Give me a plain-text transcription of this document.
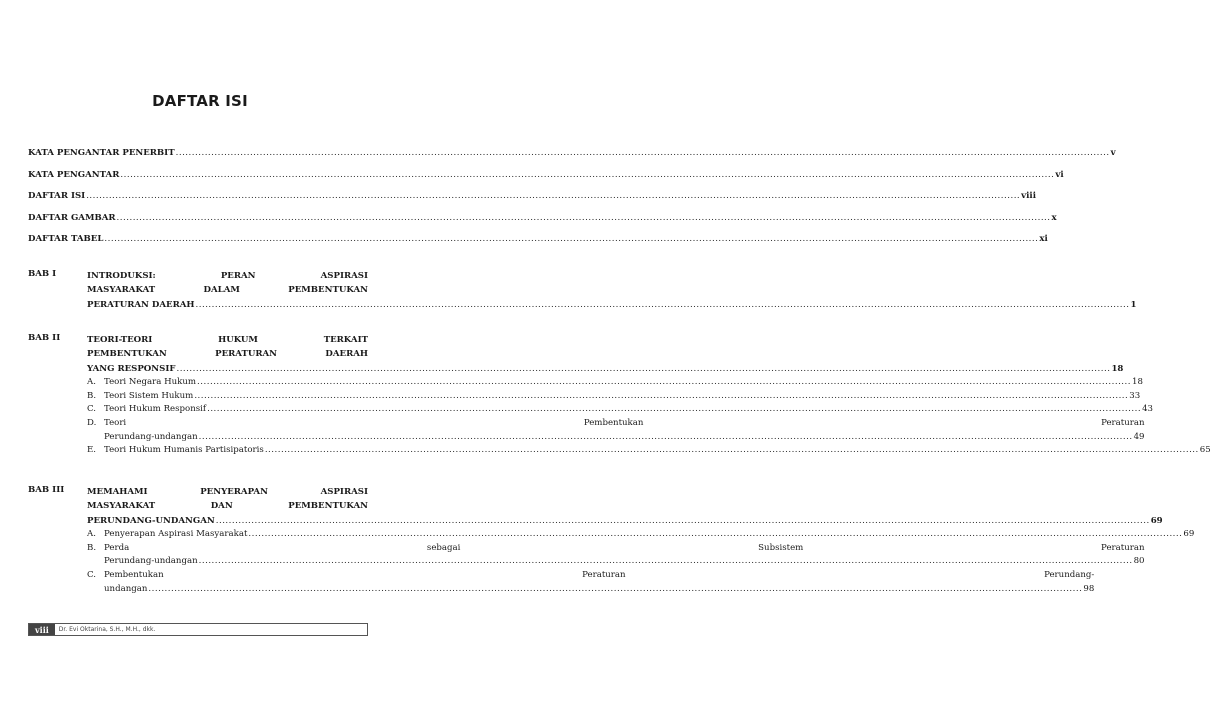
DAFTAR ISI
KATA PENGANTAR PENERBIT .....	v
KATA PENGANTAR .....	vi
DAFTAR ISI .....	viii
DAFTAR GAMBAR .....	x
DAFTAR TABEL .....	xi
BAB I	INTRODUKSI: PERAN ASPIRASI
MASYARAKAT DALAM PEMBENTUKAN
PERATURAN DAERAH .....	1
BAB II	TEORI-TEORI HUKUM TERKAIT
PEMBENTUKAN PERATURAN DAERAH
YANG RESPONSIF .....	18
A. Teori Negara Hukum .....	18
B. Teori Sistem Hukum .....	33
C. Teori Hukum Responsif .....	43
D. Teori Pembentukan Peraturan
Perundang-undangan .....	49
E. Teori Hukum Humanis Partisipatoris .....	65
BAB III	MEMAHAMI PENYERAPAN ASPIRASI
MASYARAKAT DAN PEMBENTUKAN
PERUNDANG-UNDANGAN .....	69
A. Penyerapan Aspirasi Masyarakat .....	69
B. Perda sebagai Subsistem Peraturan
Perundang-undangan .....	80
C. Pembentukan Peraturan Perundang-
undangan .....	98
viii	Dr. Evi Oktarina, S.H., M.H., dkk.
